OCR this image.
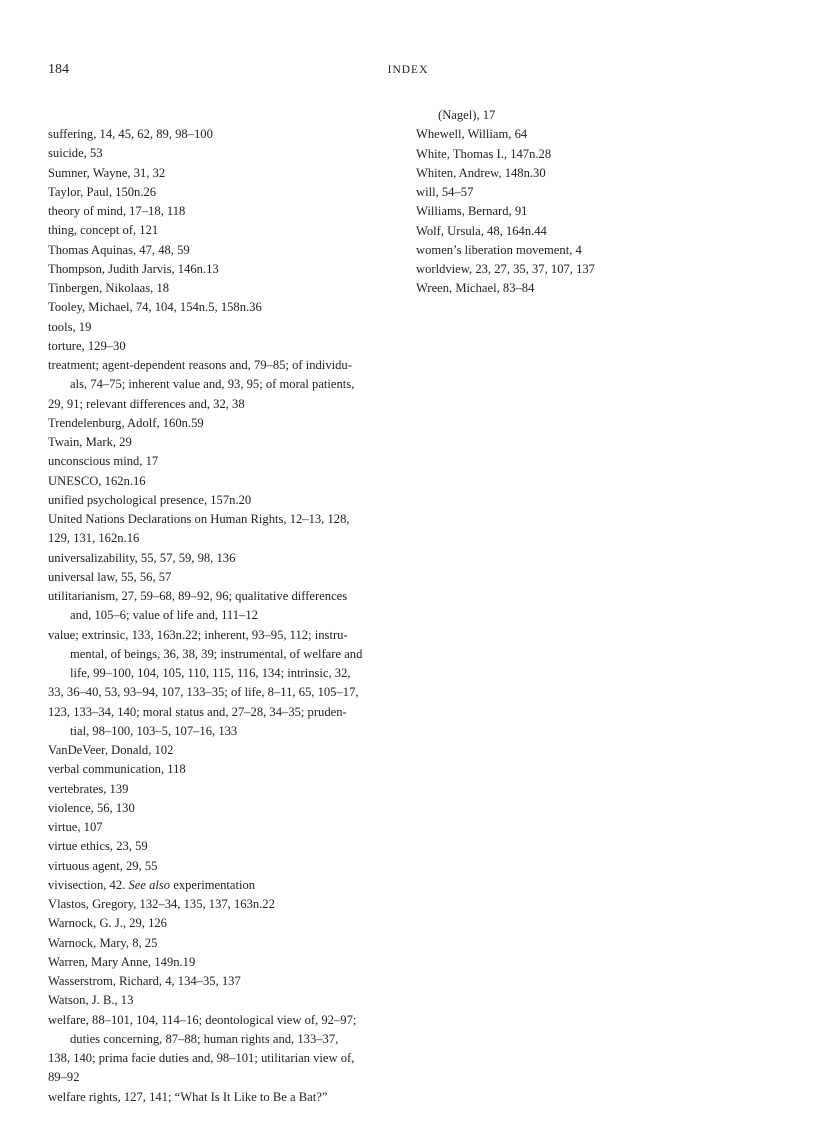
184	INDEX

suffering, 14, 45, 62, 89, 98–100

suicide, 53

Sumner, Wayne, 31, 32

Taylor, Paul, 150n.26

theory of mind, 17–18, 118

thing, concept of, 121

Thomas Aquinas, 47, 48, 59

Thompson, Judith Jarvis, 146n.13

Tinbergen, Nikolaas, 18

Tooley, Michael, 74, 104, 154n.5, 158n.36

tools, 19

torture, 129–30

treatment; agent-dependent reasons and, 79–85; of individu-

als, 74–75; inherent value and, 93, 95; of moral patients,

29, 91; relevant differences and, 32, 38

Trendelenburg, Adolf, 160n.59

Twain, Mark, 29

unconscious mind, 17

UNESCO, 162n.16

unified psychological presence, 157n.20

United Nations Declarations on Human Rights, 12–13, 128,

129, 131, 162n.16

universalizability, 55, 57, 59, 98, 136

universal law, 55, 56, 57

utilitarianism, 27, 59–68, 89–92, 96; qualitative differences

and, 105–6; value of life and, 111–12

value; extrinsic, 133, 163n.22; inherent, 93–95, 112; instru-

mental, of beings, 36, 38, 39; instrumental, of welfare and

life, 99–100, 104, 105, 110, 115, 116, 134; intrinsic, 32,

33, 36–40, 53, 93–94, 107, 133–35; of life, 8–11, 65, 105–17,

123, 133–34, 140; moral status and, 27–28, 34–35; pruden-

tial, 98–100, 103–5, 107–16, 133

VanDeVeer, Donald, 102

verbal communication, 118

vertebrates, 139

violence, 56, 130

virtue, 107

virtue ethics, 23, 59

virtuous agent, 29, 55

vivisection, 42. See also experimentation

Vlastos, Gregory, 132–34, 135, 137, 163n.22

Warnock, G. J., 29, 126

Warnock, Mary, 8, 25

Warren, Mary Anne, 149n.19

Wasserstrom, Richard, 4, 134–35, 137

Watson, J. B., 13

welfare, 88–101, 104, 114–16; deontological view of, 92–97;

duties concerning, 87–88; human rights and, 133–37,

138, 140; prima facie duties and, 98–101; utilitarian view of,

89–92

welfare rights, 127, 141; “What Is It Like to Be a Bat?”

(Nagel), 17

Whewell, William, 64

White, Thomas I., 147n.28

Whiten, Andrew, 148n.30

will, 54–57

Williams, Bernard, 91

Wolf, Ursula, 48, 164n.44

women’s liberation movement, 4

worldview, 23, 27, 35, 37, 107, 137

Wreen, Michael, 83–84
